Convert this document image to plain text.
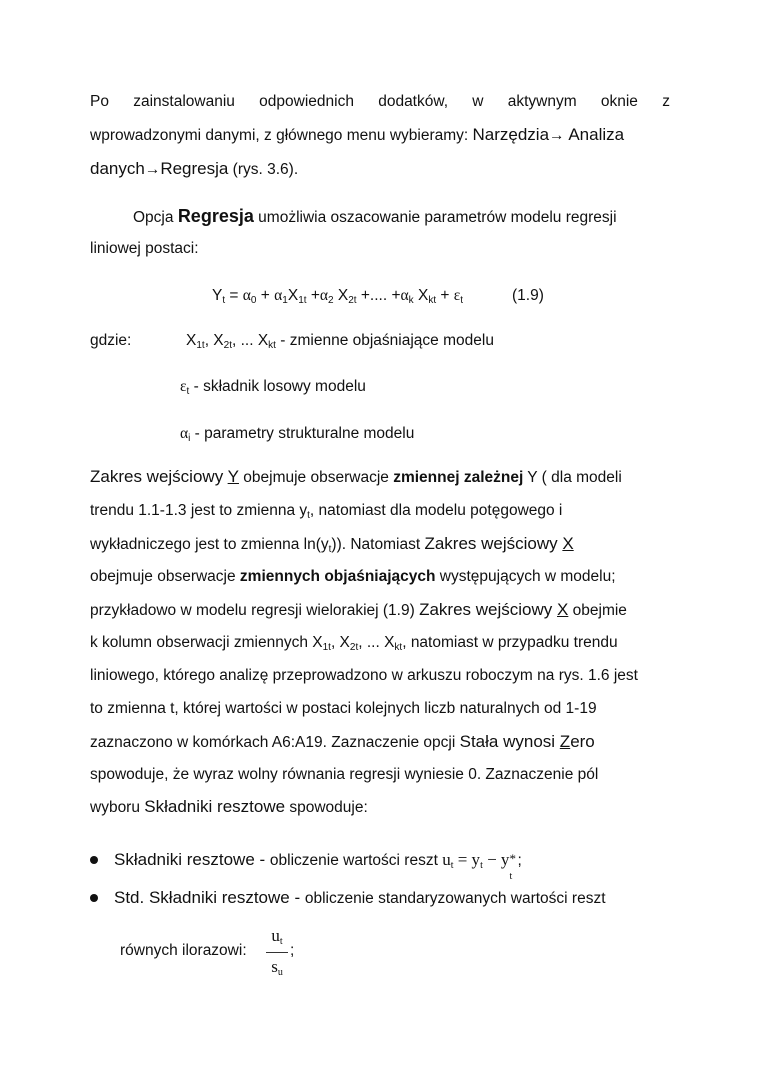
Po zainstalowaniu odpowiednich dodatków, w aktywnym oknie z
wprowadzonymi danymi, z głównego menu wybieramy: Narzędzia→ Analiza
danych→Regresja (rys. 3.6).
Opcja Regresja umożliwia oszacowanie parametrów modelu regresji
liniowej postaci:
$Y_t = \alpha_0 + \alpha_1X_{1t} +\alpha_2$ $X_{2t}$ +.... $+\alpha_k$ $X_{kt} + \varepsilon_t$	(1.9)
gdzie:	$X_{1t}$, $X_{2t}$, ... $X_{kt}$ - zmienne objaśniające modelu
$\varepsilon_t$ - składnik losowy modelu
$\alpha_i$ - parametry strukturalne modelu
Zakres wejściowy Y obejmuje obserwacje zmiennej zależnej Y ( dla modeli
trendu 1.1-1.3 jest to zmienna $y_t$, natomiast dla modelu potęgowego i
wykładniczego jest to zmienna $\ln(y_t)$). Natomiast Zakres wejściowy X
obejmuje obserwacje zmiennych objaśniających występujących w modelu;
przykładowo w modelu regresji wielorakiej (1.9) Zakres wejściowy X obejmie
k kolumn obserwacji zmiennych $X_{1t}$, $X_{2t}$, ... $X_{kt}$, natomiast w przypadku trendu
liniowego, którego analizę przeprowadzono w arkuszu roboczym na rys. 1.6 jest
to zmienna t, której wartości w postaci kolejnych liczb naturalnych od 1-19
zaznaczono w komórkach A6:A19. Zaznaczenie opcji Stała wynosi Zero
spowoduje, że wyraz wolny równania regresji wyniesie 0. Zaznaczenie pól
wyboru Składniki resztowe spowoduje:
Składniki resztowe - obliczenie wartości reszt $u_t = y_t - y$ *
t
;
Std. Składniki resztowe - obliczenie standaryzowanych wartości reszt
równych ilorazowi:
$u_t$
$s_u$
;
